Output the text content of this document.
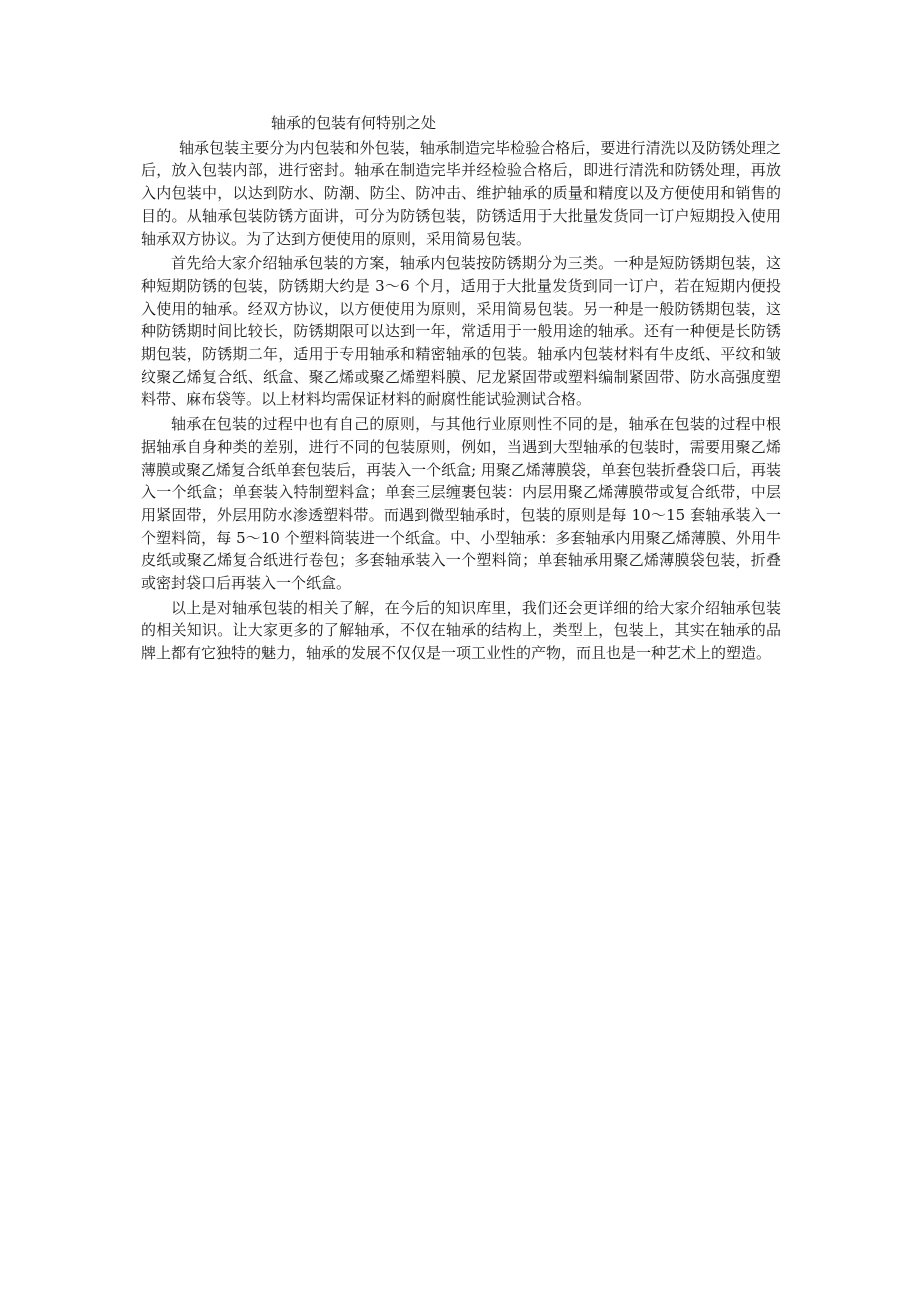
轴承的包装有何特别之处

轴承包装主要分为内包装和外包装，轴承制造完毕检验合格后，要进行清洗以及防锈处理之后，放入包装内部，进行密封。轴承在制造完毕并经检验合格后，即进行清洗和防锈处理，再放入内包装中，以达到防水、防潮、防尘、防冲击、维护轴承的质量和精度以及方便使用和销售的目的。从轴承包装防锈方面讲，可分为防锈包装，防锈适用于大批量发货同一订户短期投入使用轴承双方协议。为了达到方便使用的原则，采用简易包装。

首先给大家介绍轴承包装的方案，轴承内包装按防锈期分为三类。一种是短防锈期包装，这种短期防锈的包装，防锈期大约是 3～6 个月，适用于大批量发货到同一订户，若在短期内便投入使用的轴承。经双方协议，以方便使用为原则，采用简易包装。另一种是一般防锈期包装，这种防锈期时间比较长，防锈期限可以达到一年，常适用于一般用途的轴承。还有一种便是长防锈期包装，防锈期二年，适用于专用轴承和精密轴承的包装。轴承内包装材料有牛皮纸、平纹和皱纹聚乙烯复合纸、纸盒、聚乙烯或聚乙烯塑料膜、尼龙紧固带或塑料编制紧固带、防水高强度塑料带、麻布袋等。以上材料均需保证材料的耐腐性能试验测试合格。

轴承在包装的过程中也有自己的原则，与其他行业原则性不同的是，轴承在包装的过程中根据轴承自身种类的差别，进行不同的包装原则，例如，当遇到大型轴承的包装时，需要用聚乙烯薄膜或聚乙烯复合纸单套包装后，再装入一个纸盒; 用聚乙烯薄膜袋，单套包装折叠袋口后，再装入一个纸盒；单套装入特制塑料盒；单套三层缠裹包装：内层用聚乙烯薄膜带或复合纸带，中层用紧固带，外层用防水渗透塑料带。而遇到微型轴承时，包装的原则是每 10～15 套轴承装入一个塑料筒，每 5～10 个塑料筒装进一个纸盒。中、小型轴承：多套轴承内用聚乙烯薄膜、外用牛皮纸或聚乙烯复合纸进行卷包；多套轴承装入一个塑料筒；单套轴承用聚乙烯薄膜袋包装，折叠或密封袋口后再装入一个纸盒。

以上是对轴承包装的相关了解，在今后的知识库里，我们还会更详细的给大家介绍轴承包装的相关知识。让大家更多的了解轴承，不仅在轴承的结构上，类型上，包装上，其实在轴承的品牌上都有它独特的魅力，轴承的发展不仅仅是一项工业性的产物，而且也是一种艺术上的塑造。
